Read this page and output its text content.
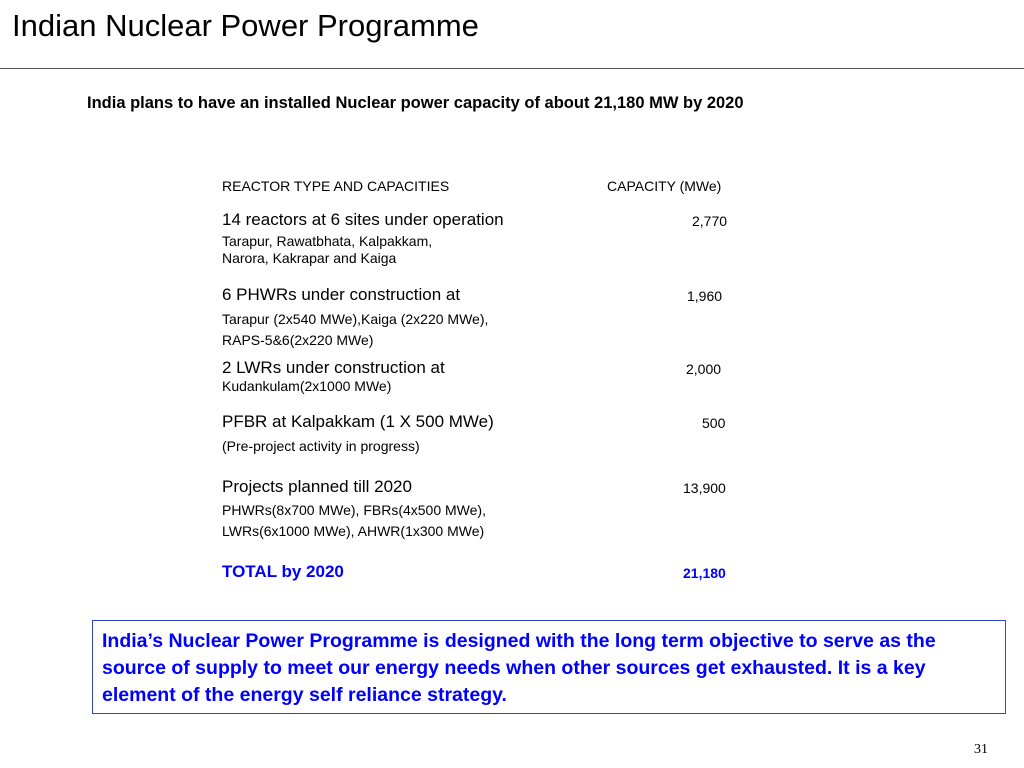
Indian Nuclear Power Programme
India plans to have an installed Nuclear power capacity of about 21,180 MW by 2020
REACTOR TYPE AND CAPACITIES	CAPACITY (MWe)
14 reactors at 6 sites under operation
Tarapur, Rawatbhata, Kalpakkam,
Narora, Kakrapar and Kaiga
2,770
6 PHWRs under construction at
Tarapur (2x540 MWe),Kaiga (2x220 MWe),
RAPS-5&6(2x220 MWe)
1,960
2 LWRs under construction at
Kudankulam(2x1000 MWe)
2,000
PFBR at Kalpakkam (1 X 500 MWe)
(Pre-project activity in progress)
500
Projects planned till 2020
PHWRs(8x700 MWe), FBRs(4x500 MWe),
LWRs(6x1000 MWe), AHWR(1x300 MWe)
13,900
TOTAL by 2020	21,180
India’s Nuclear Power Programme is designed with the long term objective to serve as the source of supply to meet our energy needs when other sources get exhausted. It is a key element of the energy self reliance strategy.
31
